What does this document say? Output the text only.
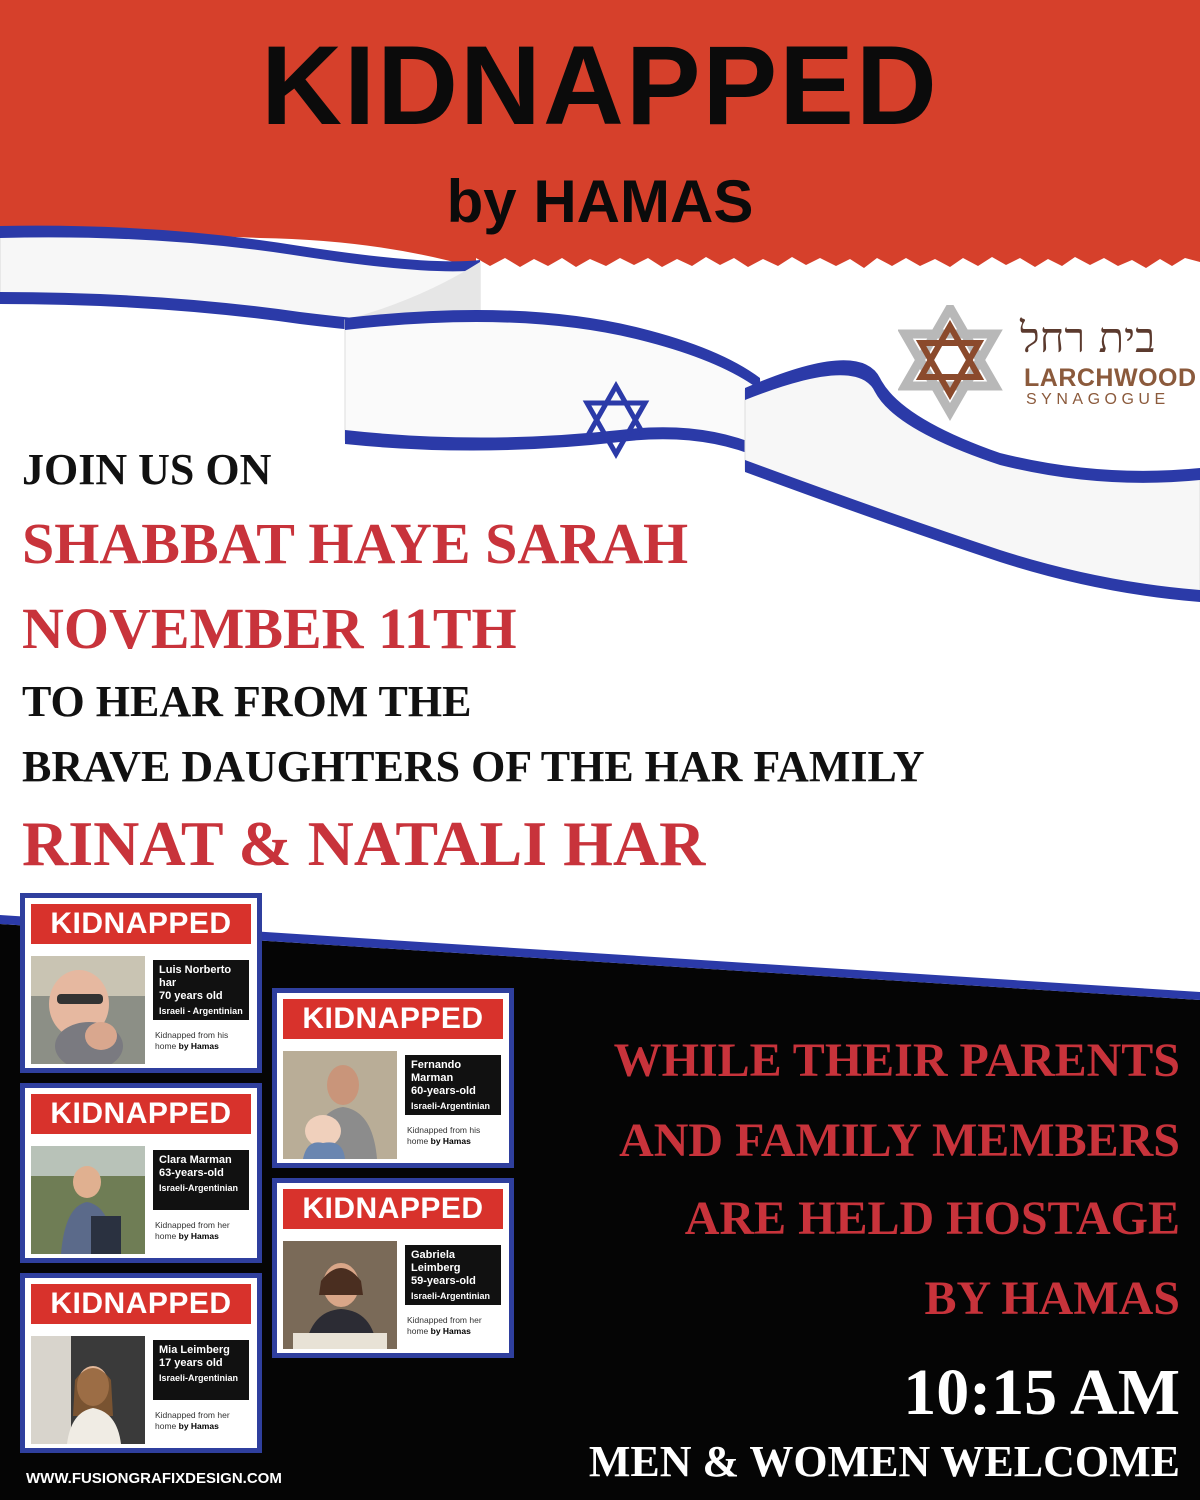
KIDNAPPED
by HAMAS
בית רחל
LARCHWOOD
SYNAGOGUE
JOIN US ON
SHABBAT HAYE SARAH
NOVEMBER 11TH
TO HEAR FROM THE
BRAVE DAUGHTERS OF THE HAR FAMILY
RINAT & NATALI HAR
KIDNAPPED
Luis Norberto har
70 years old
Israeli - Argentinian
Kidnapped from his home by Hamas
KIDNAPPED
Clara Marman
63-years-old
Israeli-Argentinian
Kidnapped from her home by Hamas
KIDNAPPED
Mia Leimberg
17 years old
Israeli-Argentinian
Kidnapped from her home by Hamas
KIDNAPPED
Fernando Marman
60-years-old
Israeli-Argentinian
Kidnapped from his home by Hamas
KIDNAPPED
Gabriela Leimberg
59-years-old
Israeli-Argentinian
Kidnapped from her home by Hamas
WHILE THEIR PARENTS
AND FAMILY MEMBERS
ARE HELD HOSTAGE
BY HAMAS
10:15 AM
MEN & WOMEN WELCOME
WWW.FUSIONGRAFIXDESIGN.COM
